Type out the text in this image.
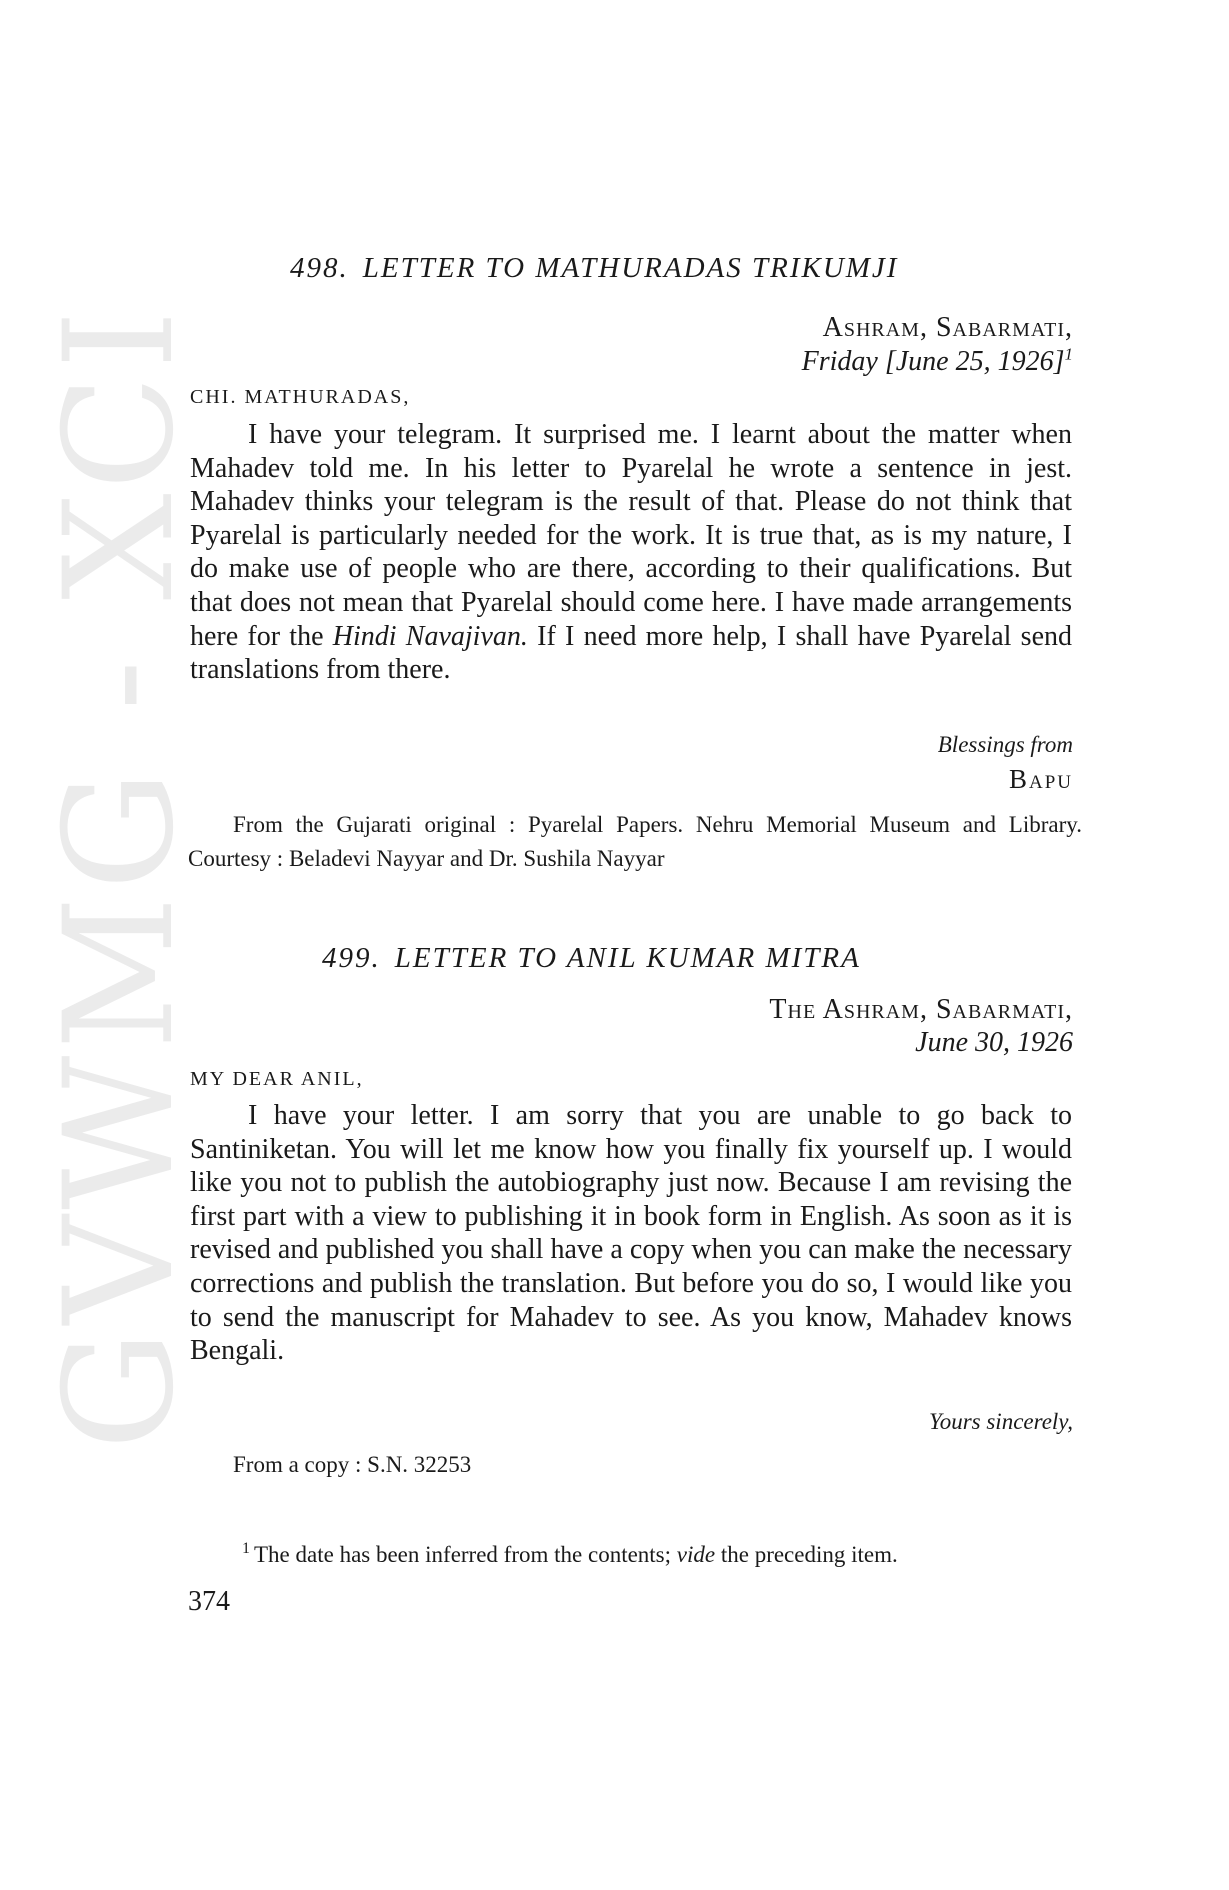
GVWMG - XCI
498. LETTER TO MATHURADAS TRIKUMJI
Ashram, Sabarmati,
Friday [June 25, 1926]$^1$
CHI. MATHURADAS,

I have your telegram. It surprised me. I learnt about the matter when Mahadev told me. In his letter to Pyarelal he wrote a sentence in jest. Mahadev thinks your telegram is the result of that. Please do not think that Pyarelal is particularly needed for the work. It is true that, as is my nature, I do make use of people who are there, according to their qualifications. But that does not mean that Pyarelal should come here. I have made arrangements here for the Hindi Navajivan. If I need more help, I shall have Pyarelal send translations from there.

Blessings from
Bapu

From the Gujarati original : Pyarelal Papers. Nehru Memorial Museum and Library. Courtesy : Beladevi Nayyar and Dr. Sushila Nayyar

499. LETTER TO ANIL KUMAR MITRA
The Ashram, Sabarmati,
June 30, 1926
MY DEAR ANIL,

I have your letter. I am sorry that you are unable to go back to Santiniketan. You will let me know how you finally fix yourself up. I would like you not to publish the autobiography just now. Because I am revising the first part with a view to publishing it in book form in English. As soon as it is revised and published you shall have a copy when you can make the necessary corrections and publish the translation. But before you do so, I would like you to send the manuscript for Mahadev to see. As you know, Mahadev knows Bengali.

Yours sincerely,
From a copy : S.N. 32253
$^1$ The date has been inferred from the contents; vide the preceding item.
374
